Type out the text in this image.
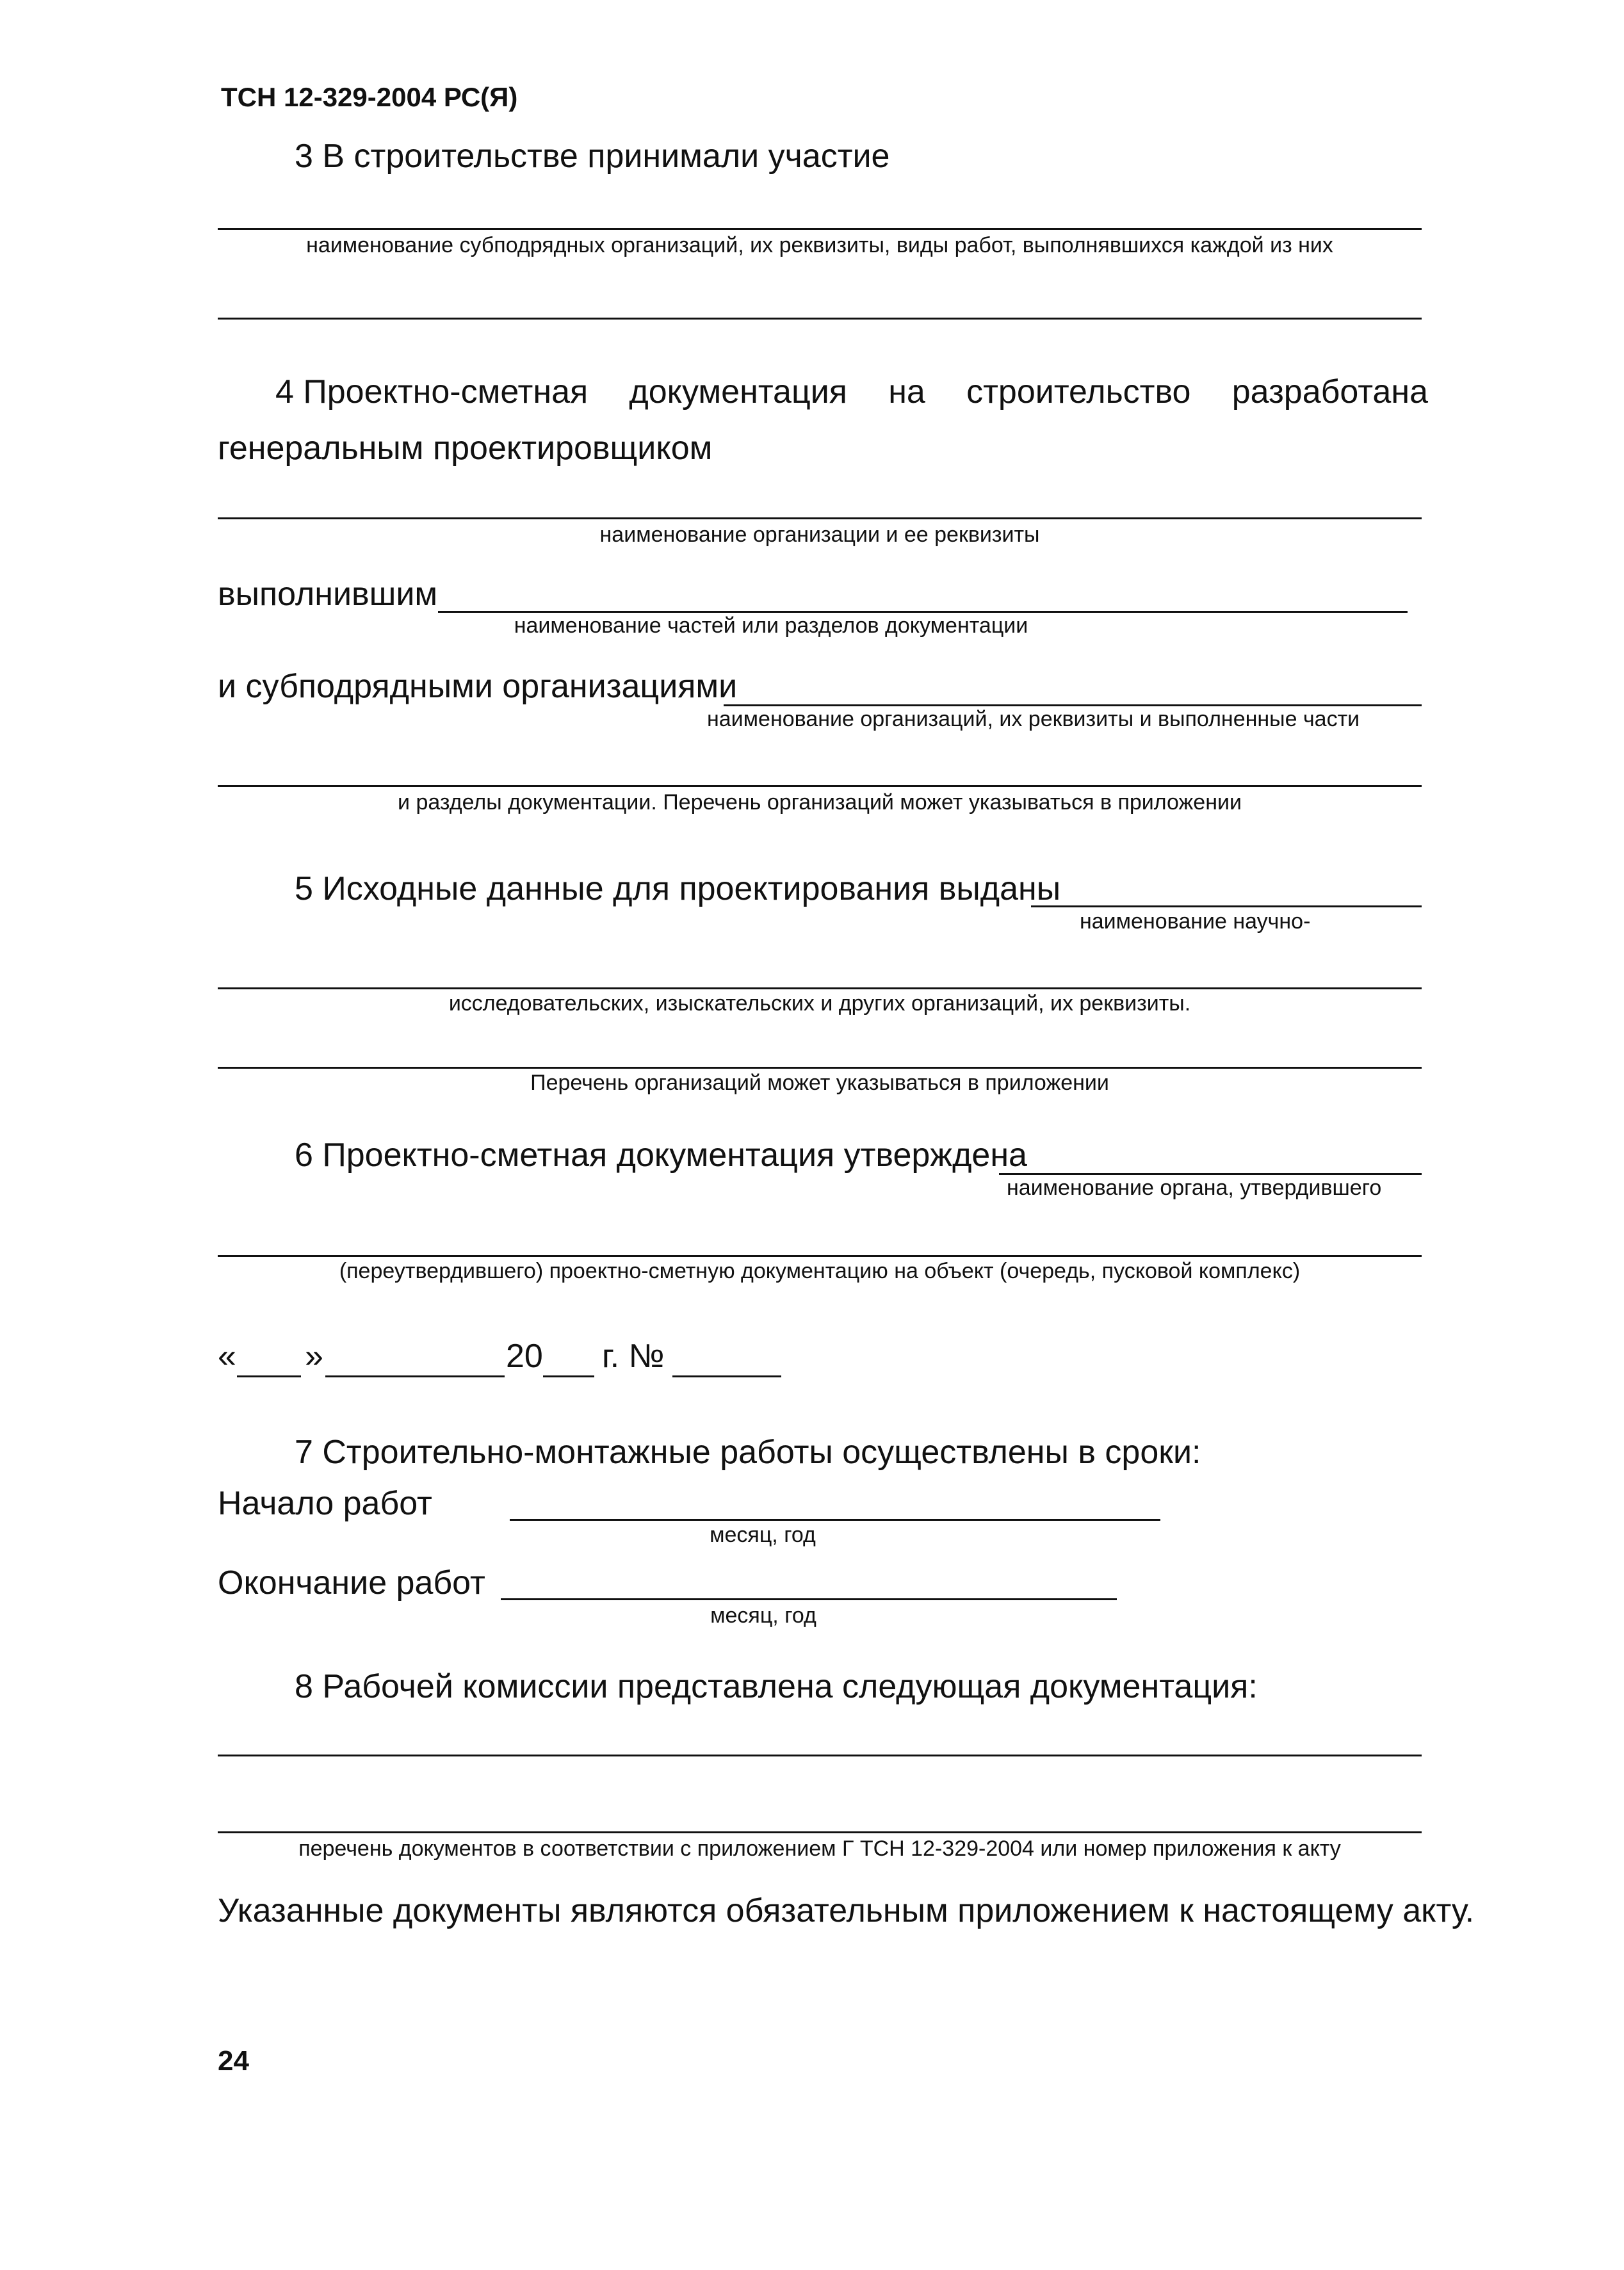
ТСН 12-329-2004 РС(Я)
3 В строительстве принимали участие
наименование субподрядных организаций, их реквизиты, виды работ, выполнявшихся каждой из них
4 Проектно-сметная документация на строительство разработана
генеральным проектировщиком
наименование организации и ее реквизиты
выполнившим
наименование частей или разделов документации
и субподрядными организациями
наименование организаций, их реквизиты и выполненные части
и разделы документации. Перечень организаций может указываться в приложении
5 Исходные данные для проектирования выданы
наименование научно-
исследовательских, изыскательских и других организаций, их реквизиты.
Перечень организаций может указываться в приложении
6 Проектно-сметная документация утверждена
наименование органа, утвердившего
(переутвердившего) проектно-сметную документацию на объект (очередь, пусковой комплекс)
« »	20 г. №
7 Строительно-монтажные работы осуществлены в сроки:
Начало работ
месяц, год
Окончание работ
месяц, год
8 Рабочей комиссии представлена следующая документация:
перечень документов в соответствии с приложением Г ТСН 12-329-2004 или номер приложения к акту
Указанные документы являются обязательным приложением к настоящему акту.
24
